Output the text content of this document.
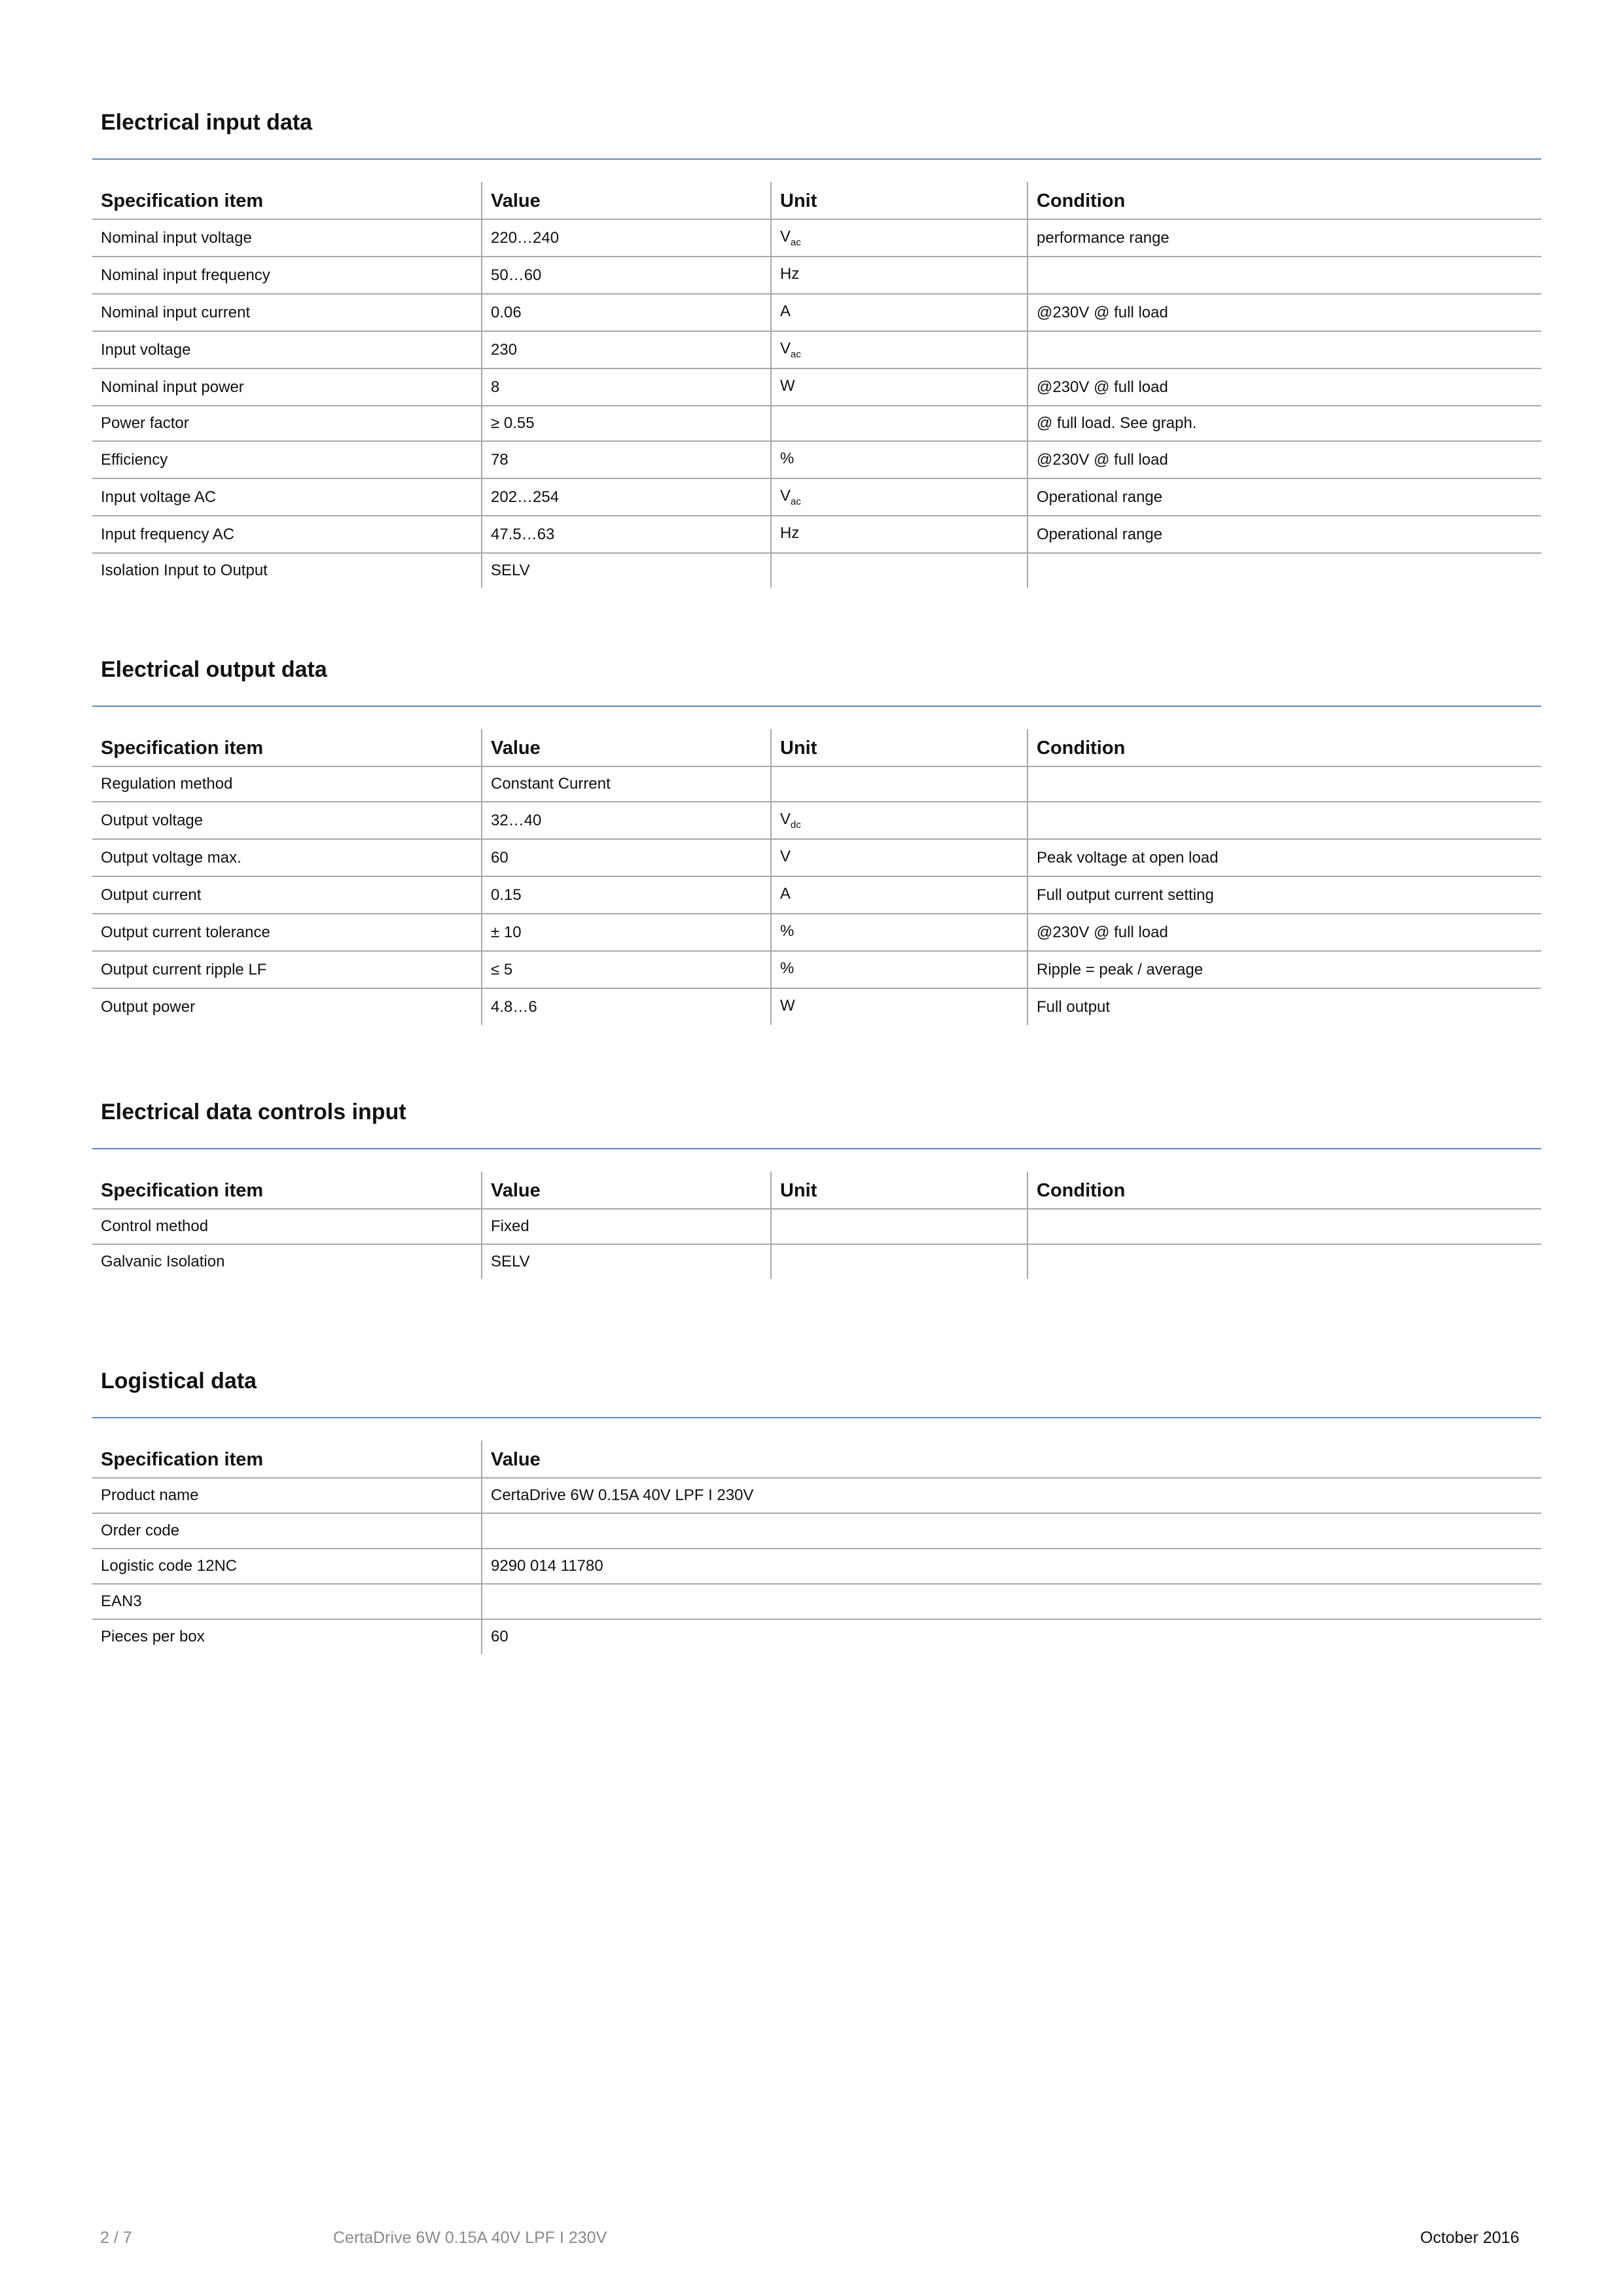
Electrical input data
Specification item	Value	Unit	Condition
Nominal input voltage	220…240	$V_{ac}$	performance range
Nominal input frequency	50…60	Hz	
Nominal input current	0.06	A	@230V @ full load
Input voltage	230	$V_{ac}$	
Nominal input power	8	W	@230V @ full load
Power factor	≥ 0.55		@ full load. See graph.
Efficiency	78	%	@230V @ full load
Input voltage AC	202…254	$V_{ac}$	Operational range
Input frequency AC	47.5…63	Hz	Operational range
Isolation Input to Output	SELV		
Electrical output data
Specification item	Value	Unit	Condition
Regulation method	Constant Current		
Output voltage	32…40	$V_{dc}$	
Output voltage max.	60	V	Peak voltage at open load
Output current	0.15	A	Full output current setting
Output current tolerance	± 10	%	@230V @ full load
Output current ripple LF	≤ 5	%	Ripple = peak / average
Output power	4.8…6	W	Full output
Electrical data controls input
Specification item	Value	Unit	Condition
Control method	Fixed		
Galvanic Isolation	SELV		
Logistical data
Specification item	Value
Product name	CertaDrive 6W 0.15A 40V LPF I 230V
Order code	
Logistic code 12NC	9290 014 11780
EAN3	
Pieces per box	60
2 / 7	CertaDrive 6W 0.15A 40V LPF I 230V	October 2016
